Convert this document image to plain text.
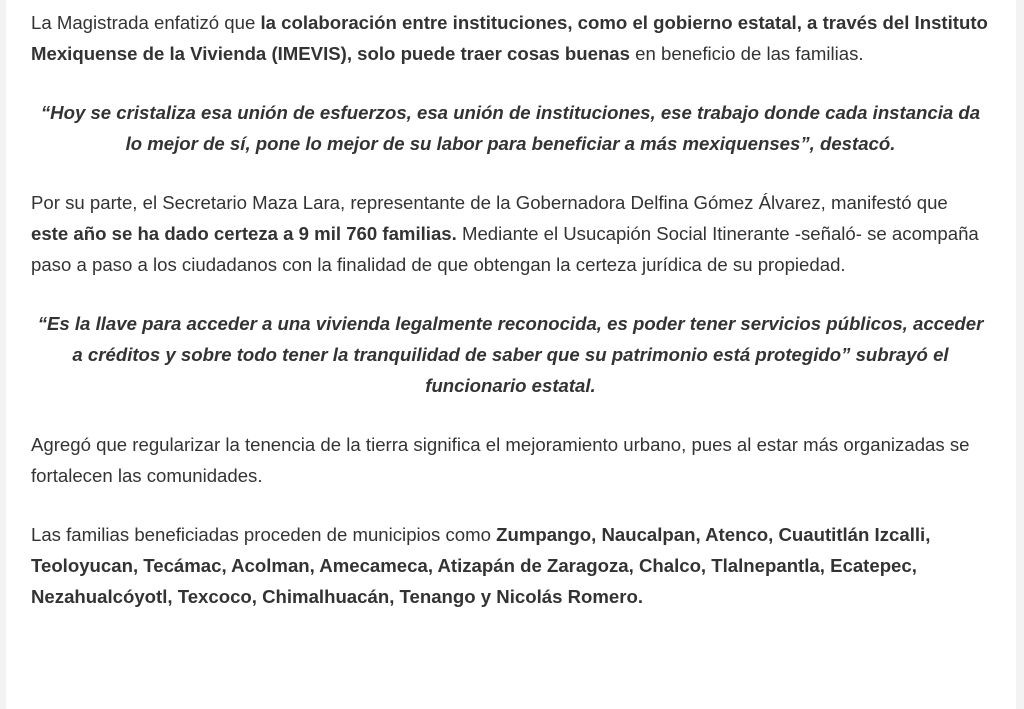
La Magistrada enfatizó que la colaboración entre instituciones, como el gobierno estatal, a través del Instituto Mexiquense de la Vivienda (IMEVIS), solo puede traer cosas buenas en beneficio de las familias.

“Hoy se cristaliza esa unión de esfuerzos, esa unión de instituciones, ese trabajo donde cada instancia da lo mejor de sí, pone lo mejor de su labor para beneficiar a más mexiquenses”, destacó.

Por su parte, el Secretario Maza Lara, representante de la Gobernadora Delfina Gómez Álvarez, manifestó que este año se ha dado certeza a 9 mil 760 familias. Mediante el Usucapión Social Itinerante -señaló- se acompaña paso a paso a los ciudadanos con la finalidad de que obtengan la certeza jurídica de su propiedad.

“Es la llave para acceder a una vivienda legalmente reconocida, es poder tener servicios públicos, acceder a créditos y sobre todo tener la tranquilidad de saber que su patrimonio está protegido” subrayó el funcionario estatal.

Agregó que regularizar la tenencia de la tierra significa el mejoramiento urbano, pues al estar más organizadas se fortalecen las comunidades.

Las familias beneficiadas proceden de municipios como Zumpango, Naucalpan, Atenco, Cuautitlán Izcalli, Teoloyucan, Tecámac, Acolman, Amecameca, Atizapán de Zaragoza, Chalco, Tlalnepantla, Ecatepec, Nezahualcóyotl, Texcoco, Chimalhuacán, Tenango y Nicolás Romero.
